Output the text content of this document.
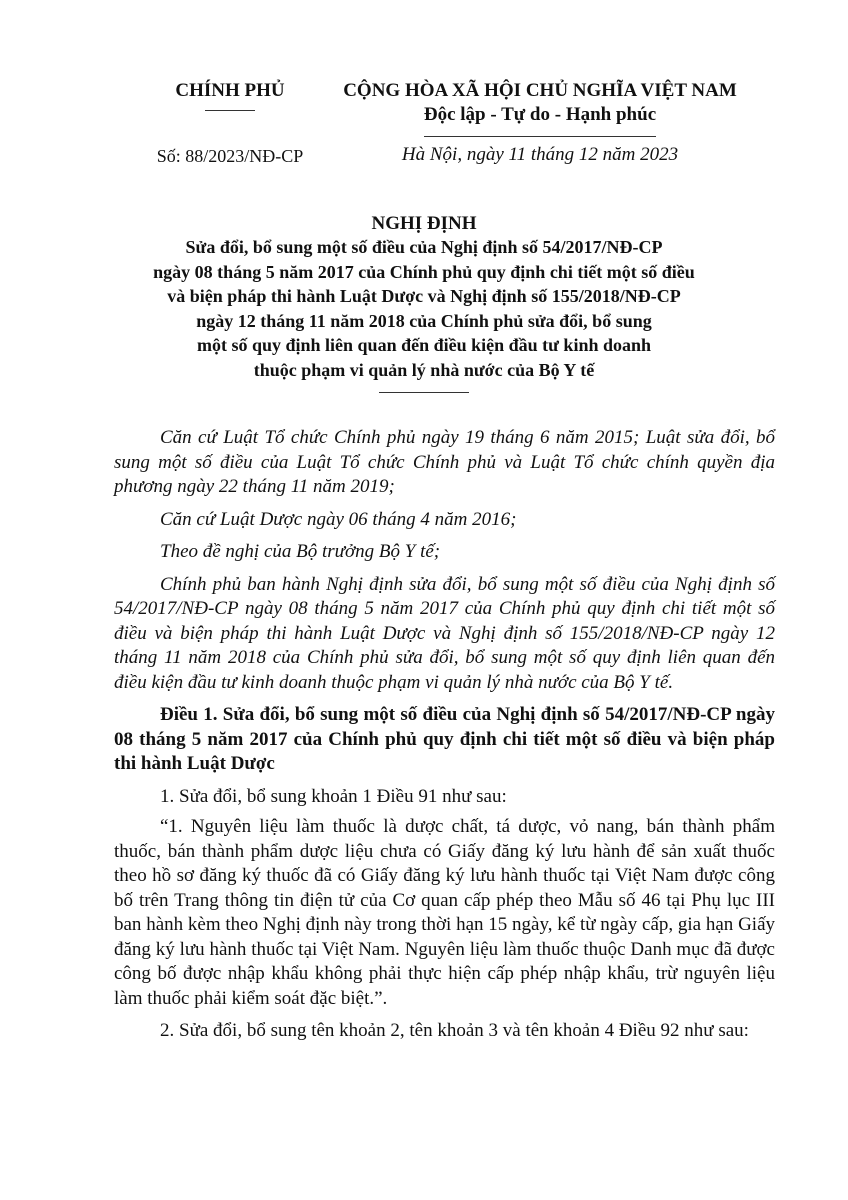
CHÍNH PHỦ	CỘNG HÒA XÃ HỘI CHỦ NGHĨA VIỆT NAM
Độc lập - Tự do - Hạnh phúc
Số: 88/2023/NĐ-CP	Hà Nội, ngày 11 tháng 12 năm 2023
NGHỊ ĐỊNH
Sửa đổi, bổ sung một số điều của Nghị định số 54/2017/NĐ-CP
ngày 08 tháng 5 năm 2017 của Chính phủ quy định chi tiết một số điều
và biện pháp thi hành Luật Dược và Nghị định số 155/2018/NĐ-CP
ngày 12 tháng 11 năm 2018 của Chính phủ sửa đổi, bổ sung
một số quy định liên quan đến điều kiện đầu tư kinh doanh
thuộc phạm vi quản lý nhà nước của Bộ Y tế

Căn cứ Luật Tổ chức Chính phủ ngày 19 tháng 6 năm 2015; Luật sửa đổi, bổ sung một số điều của Luật Tổ chức Chính phủ và Luật Tổ chức chính quyền địa phương ngày 22 tháng 11 năm 2019;

Căn cứ Luật Dược ngày 06 tháng 4 năm 2016;

Theo đề nghị của Bộ trưởng Bộ Y tế;

Chính phủ ban hành Nghị định sửa đổi, bổ sung một số điều của Nghị định số 54/2017/NĐ-CP ngày 08 tháng 5 năm 2017 của Chính phủ quy định chi tiết một số điều và biện pháp thi hành Luật Dược và Nghị định số 155/2018/NĐ-CP ngày 12 tháng 11 năm 2018 của Chính phủ sửa đổi, bổ sung một số quy định liên quan đến điều kiện đầu tư kinh doanh thuộc phạm vi quản lý nhà nước của Bộ Y tế.

Điều 1. Sửa đổi, bổ sung một số điều của Nghị định số 54/2017/NĐ-CP ngày 08 tháng 5 năm 2017 của Chính phủ quy định chi tiết một số điều và biện pháp thi hành Luật Dược

1. Sửa đổi, bổ sung khoản 1 Điều 91 như sau:

“1. Nguyên liệu làm thuốc là dược chất, tá dược, vỏ nang, bán thành phẩm thuốc, bán thành phẩm dược liệu chưa có Giấy đăng ký lưu hành để sản xuất thuốc theo hồ sơ đăng ký thuốc đã có Giấy đăng ký lưu hành thuốc tại Việt Nam được công bố trên Trang thông tin điện tử của Cơ quan cấp phép theo Mẫu số 46 tại Phụ lục III ban hành kèm theo Nghị định này trong thời hạn 15 ngày, kể từ ngày cấp, gia hạn Giấy đăng ký lưu hành thuốc tại Việt Nam. Nguyên liệu làm thuốc thuộc Danh mục đã được công bố được nhập khẩu không phải thực hiện cấp phép nhập khẩu, trừ nguyên liệu làm thuốc phải kiểm soát đặc biệt.”.

2. Sửa đổi, bổ sung tên khoản 2, tên khoản 3 và tên khoản 4 Điều 92 như sau:
